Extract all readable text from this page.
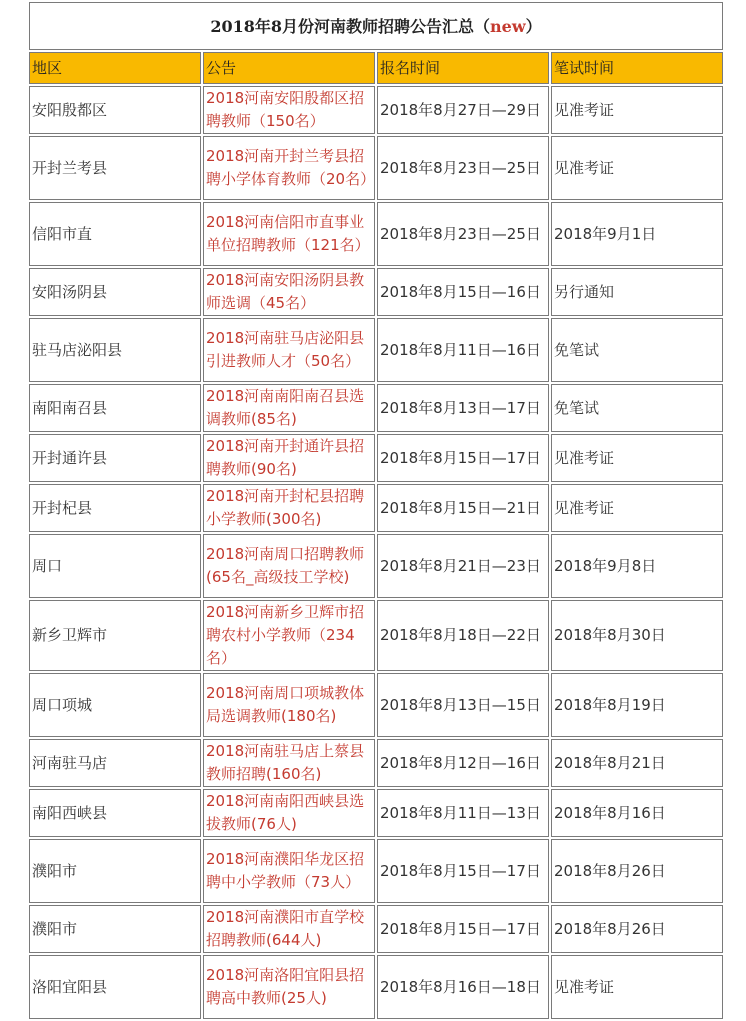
2018年8月份河南教师招聘公告汇总（new）			
地区	公告	报名时间	笔试时间
安阳殷都区	2018河南安阳殷都区招聘教师（150名）	2018年8月27日—29日	见准考证
开封兰考县	2018河南开封兰考县招聘小学体育教师（20名）	2018年8月23日—25日	见准考证
信阳市直	2018河南信阳市直事业单位招聘教师（121名）	2018年8月23日—25日	2018年9月1日
安阳汤阴县	2018河南安阳汤阴县教师选调（45名）	2018年8月15日—16日	另行通知
驻马店泌阳县	2018河南驻马店泌阳县引进教师人才（50名）	2018年8月11日—16日	免笔试
南阳南召县	2018河南南阳南召县选调教师(85名)	2018年8月13日—17日	免笔试
开封通许县	2018河南开封通许县招聘教师(90名)	2018年8月15日—17日	见准考证
开封杞县	2018河南开封杞县招聘小学教师(300名)	2018年8月15日—21日	见准考证
周口	2018河南周口招聘教师(65名_高级技工学校)	2018年8月21日—23日	2018年9月8日
新乡卫辉市	2018河南新乡卫辉市招聘农村小学教师（234名）	2018年8月18日—22日	2018年8月30日
周口项城	2018河南周口项城教体局选调教师(180名)	2018年8月13日—15日	2018年8月19日
河南驻马店	2018河南驻马店上蔡县教师招聘(160名)	2018年8月12日—16日	2018年8月21日
南阳西峡县	2018河南南阳西峡县选拔教师(76人)	2018年8月11日—13日	2018年8月16日
濮阳市	2018河南濮阳华龙区招聘中小学教师（73人）	2018年8月15日—17日	2018年8月26日
濮阳市	2018河南濮阳市直学校招聘教师(644人)	2018年8月15日—17日	2018年8月26日
洛阳宜阳县	2018河南洛阳宜阳县招聘高中教师(25人)	2018年8月16日—18日	见准考证
